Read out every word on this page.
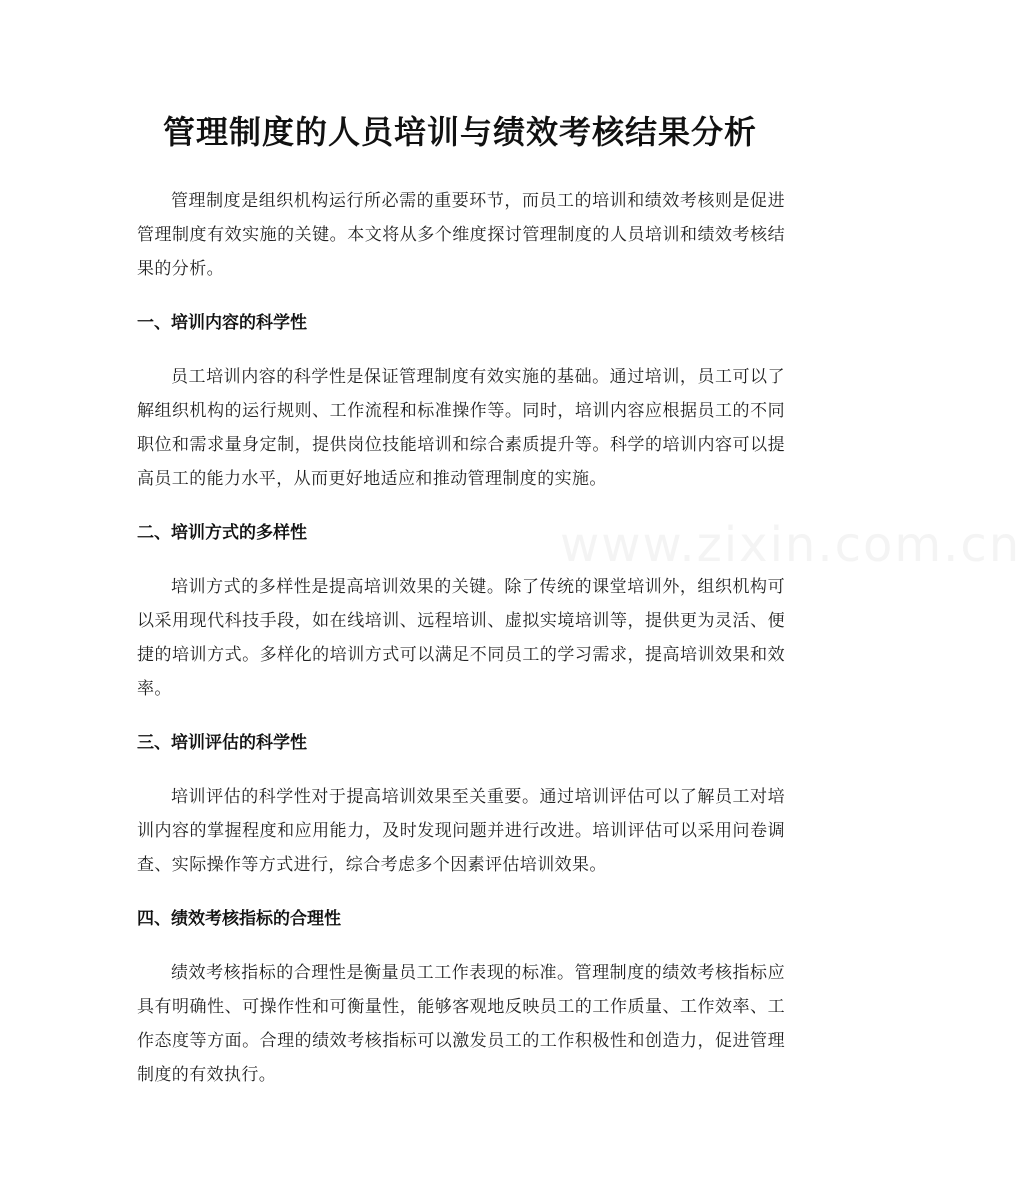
管理制度的人员培训与绩效考核结果分析

管理制度是组织机构运行所必需的重要环节，而员工的培训和绩效考核则是促进管理制度有效实施的关键。本文将从多个维度探讨管理制度的人员培训和绩效考核结果的分析。

一、培训内容的科学性

员工培训内容的科学性是保证管理制度有效实施的基础。通过培训，员工可以了解组织机构的运行规则、工作流程和标准操作等。同时，培训内容应根据员工的不同职位和需求量身定制，提供岗位技能培训和综合素质提升等。科学的培训内容可以提高员工的能力水平，从而更好地适应和推动管理制度的实施。

二、培训方式的多样性

培训方式的多样性是提高培训效果的关键。除了传统的课堂培训外，组织机构可以采用现代科技手段，如在线培训、远程培训、虚拟实境培训等，提供更为灵活、便捷的培训方式。多样化的培训方式可以满足不同员工的学习需求，提高培训效果和效率。

三、培训评估的科学性

培训评估的科学性对于提高培训效果至关重要。通过培训评估可以了解员工对培训内容的掌握程度和应用能力，及时发现问题并进行改进。培训评估可以采用问卷调查、实际操作等方式进行，综合考虑多个因素评估培训效果。

四、绩效考核指标的合理性

绩效考核指标的合理性是衡量员工工作表现的标准。管理制度的绩效考核指标应具有明确性、可操作性和可衡量性，能够客观地反映员工的工作质量、工作效率、工作态度等方面。合理的绩效考核指标可以激发员工的工作积极性和创造力，促进管理制度的有效执行。

www.zixin.com.cn
